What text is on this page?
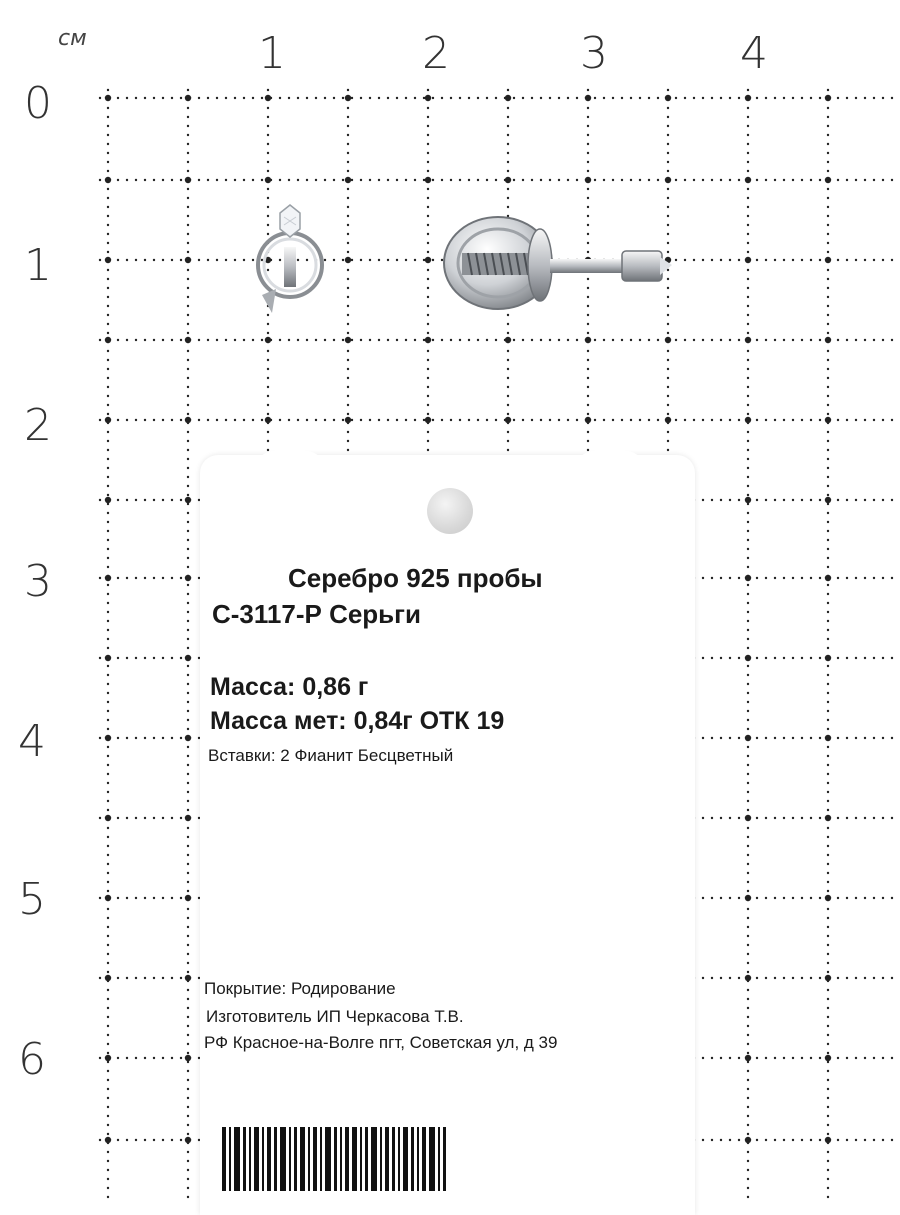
см	1	2	3	4
0
1
2
3
4
5
6
Серебро 925 пробы
С-3117-Р Серьги
Масса: 0,86 г
Масса мет: 0,84г ОТК 19
Вставки: 2 Фианит Бесцветный
Покрытие: Родирование
Изготовитель ИП Черкасова Т.В.
РФ Красное-на-Волге пгт, Советская ул, д 39
